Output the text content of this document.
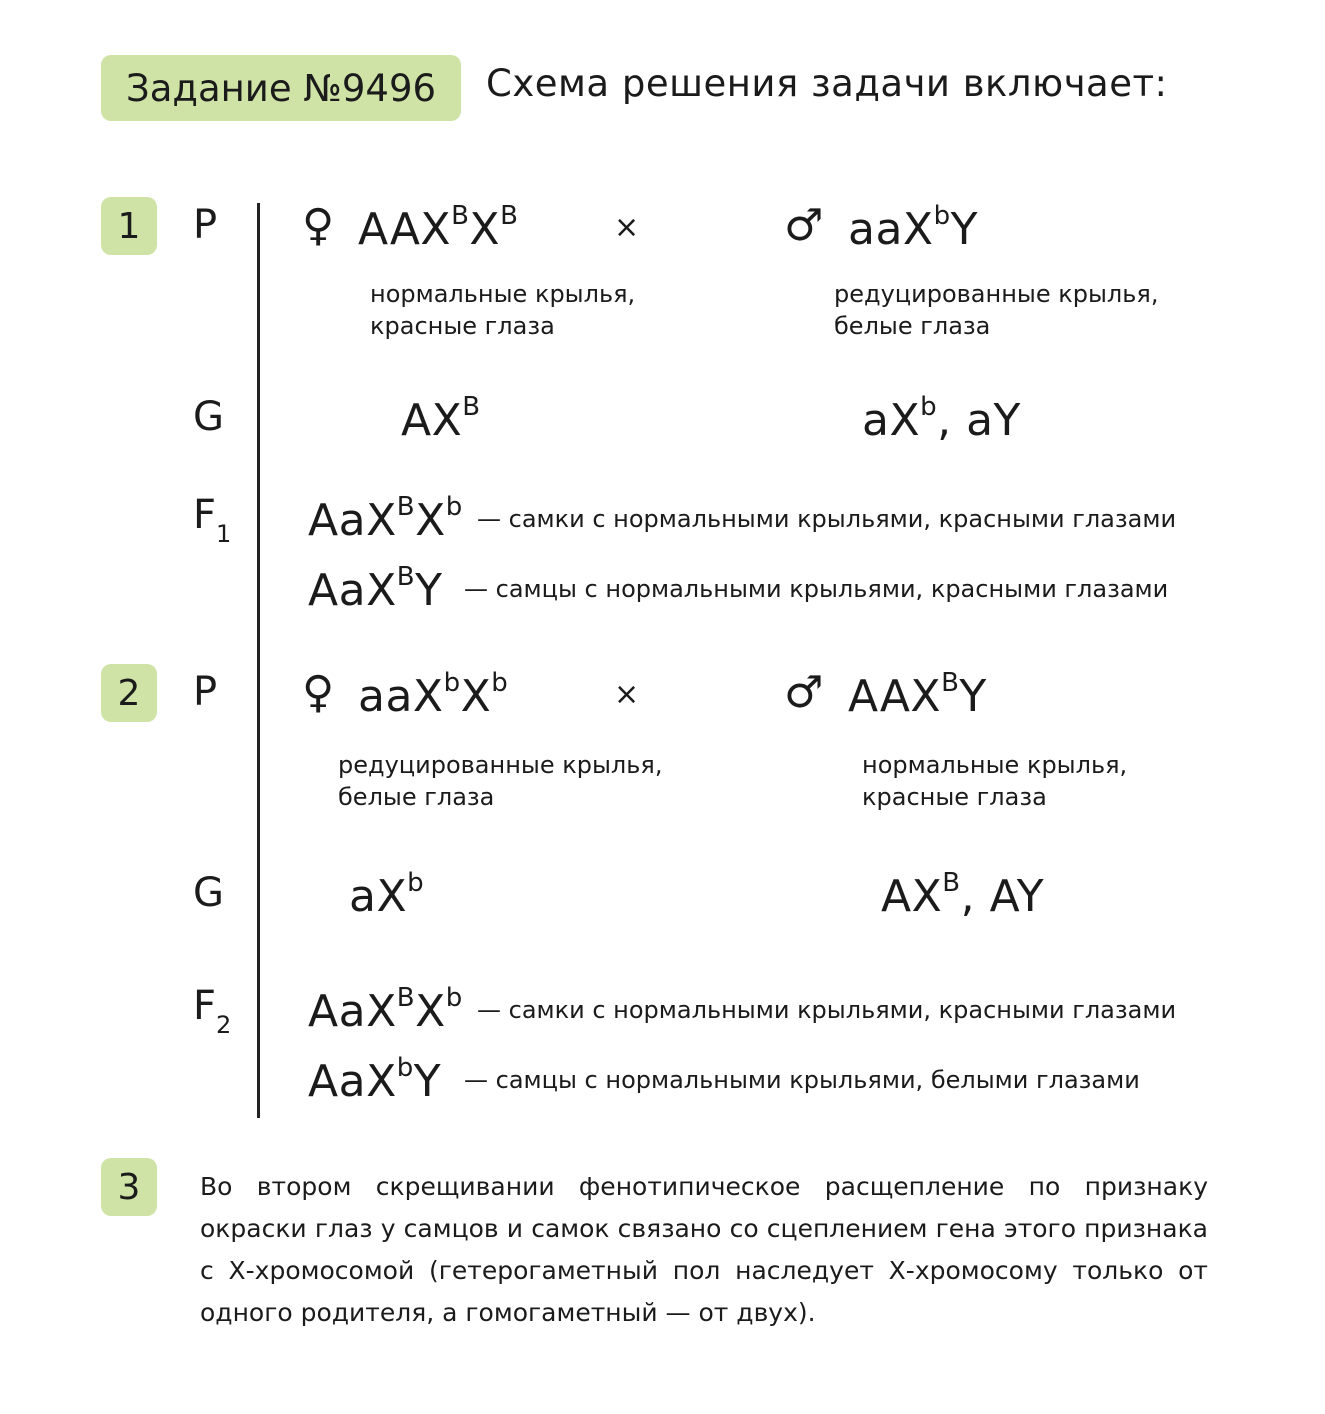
Задание №9496 Схема решения задачи включает:
1
2
3
P ♀ $AAX^BX^B$	×	♂ aaX$^b$Y
нормальные крылья,
красные глаза
редуцированные крылья,
белые глаза
G	$AX^B$	$aX^b$, aY
$F_1$ $AaX^BX^b$ — самки с нормальными крыльями, красными глазами
AaX$^B$Y — самцы с нормальными крыльями, красными глазами
P ♀ $aaX^bX^b$	×	♂ $AAX^BY$
редуцированные крылья,
белые глаза
нормальные крылья,
красные глаза
G	$aX^b$	$AX^B$, AY
$F_2$ $AaX^BX^b$ — самки с нормальными крыльями, красными глазами
AaX$^b$Y — самцы с нормальными крыльями, белыми глазами
Во втором скрещивании фенотипическое расщепление по признаку окраски глаз у самцов и самок связано со сцеплением гена этого признака с Х-хромосомой (гетерогаметный пол наследует Х-хромосому только от одного родителя, а гомогаметный — от двух).
